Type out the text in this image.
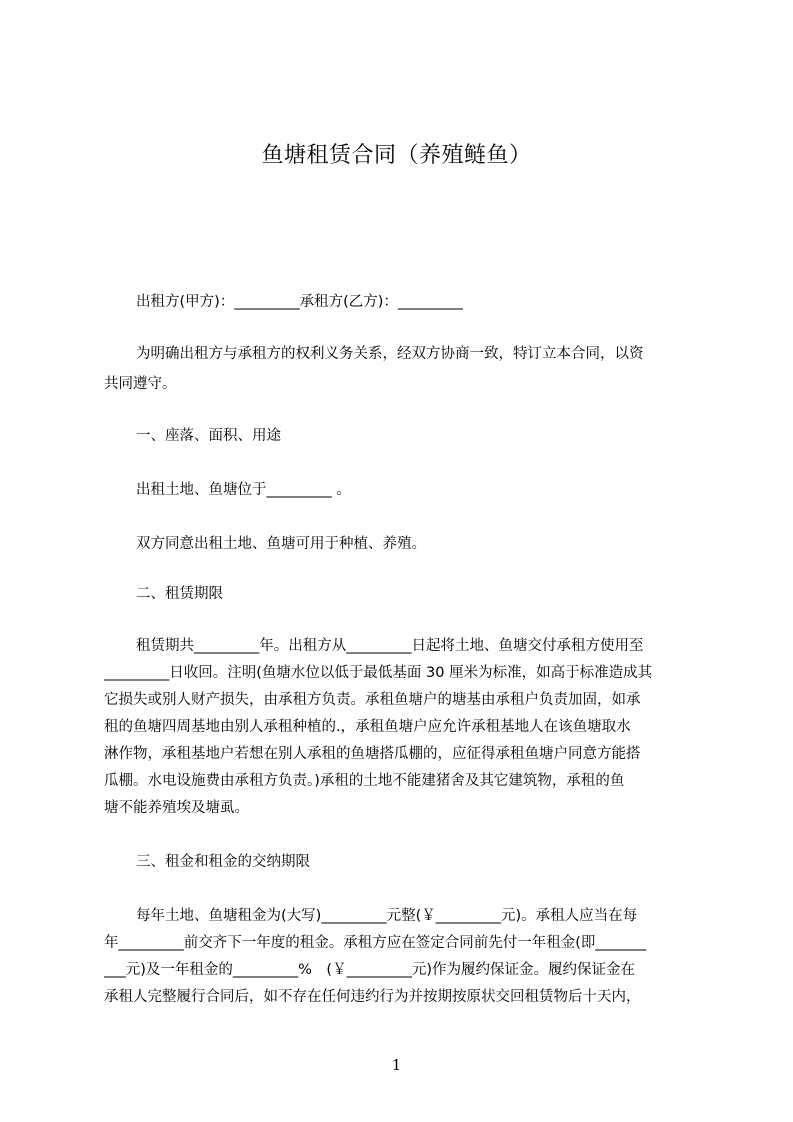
鱼塘租赁合同（养殖鲢鱼）
出租方(甲方)：_________承租方(乙方)：_________
为明确出租方与承租方的权利义务关系，经双方协商一致，特订立本合同，以资
共同遵守。
一、座落、面积、用途
出租土地、鱼塘位于_________ 。
双方同意出租土地、鱼塘可用于种植、养殖。
二、租赁期限
租赁期共_________年。出租方从_________日起将土地、鱼塘交付承租方使用至
_________日收回。注明(鱼塘水位以低于最低基面 30 厘米为标准，如高于标准造成其
它损失或别人财产损失，由承租方负责。承租鱼塘户的塘基由承租户负责加固，如承
租的鱼塘四周基地由别人承租种植的.，承租鱼塘户应允许承租基地人在该鱼塘取水
淋作物，承租基地户若想在别人承租的鱼塘搭瓜棚的，应征得承租鱼塘户同意方能搭
瓜棚。水电设施费由承租方负责。)承租的土地不能建猪舍及其它建筑物，承租的鱼
塘不能养殖埃及塘虱。
三、租金和租金的交纳期限
每年土地、鱼塘租金为(大写)_________元整(￥_________元)。承租人应当在每
年_________前交齐下一年度的租金。承租方应在签定合同前先付一年租金(即_______
___元)及一年租金的_________%　(￥_________元)作为履约保证金。履约保证金在
承租人完整履行合同后，如不存在任何违约行为并按期按原状交回租赁物后十天内，
1
